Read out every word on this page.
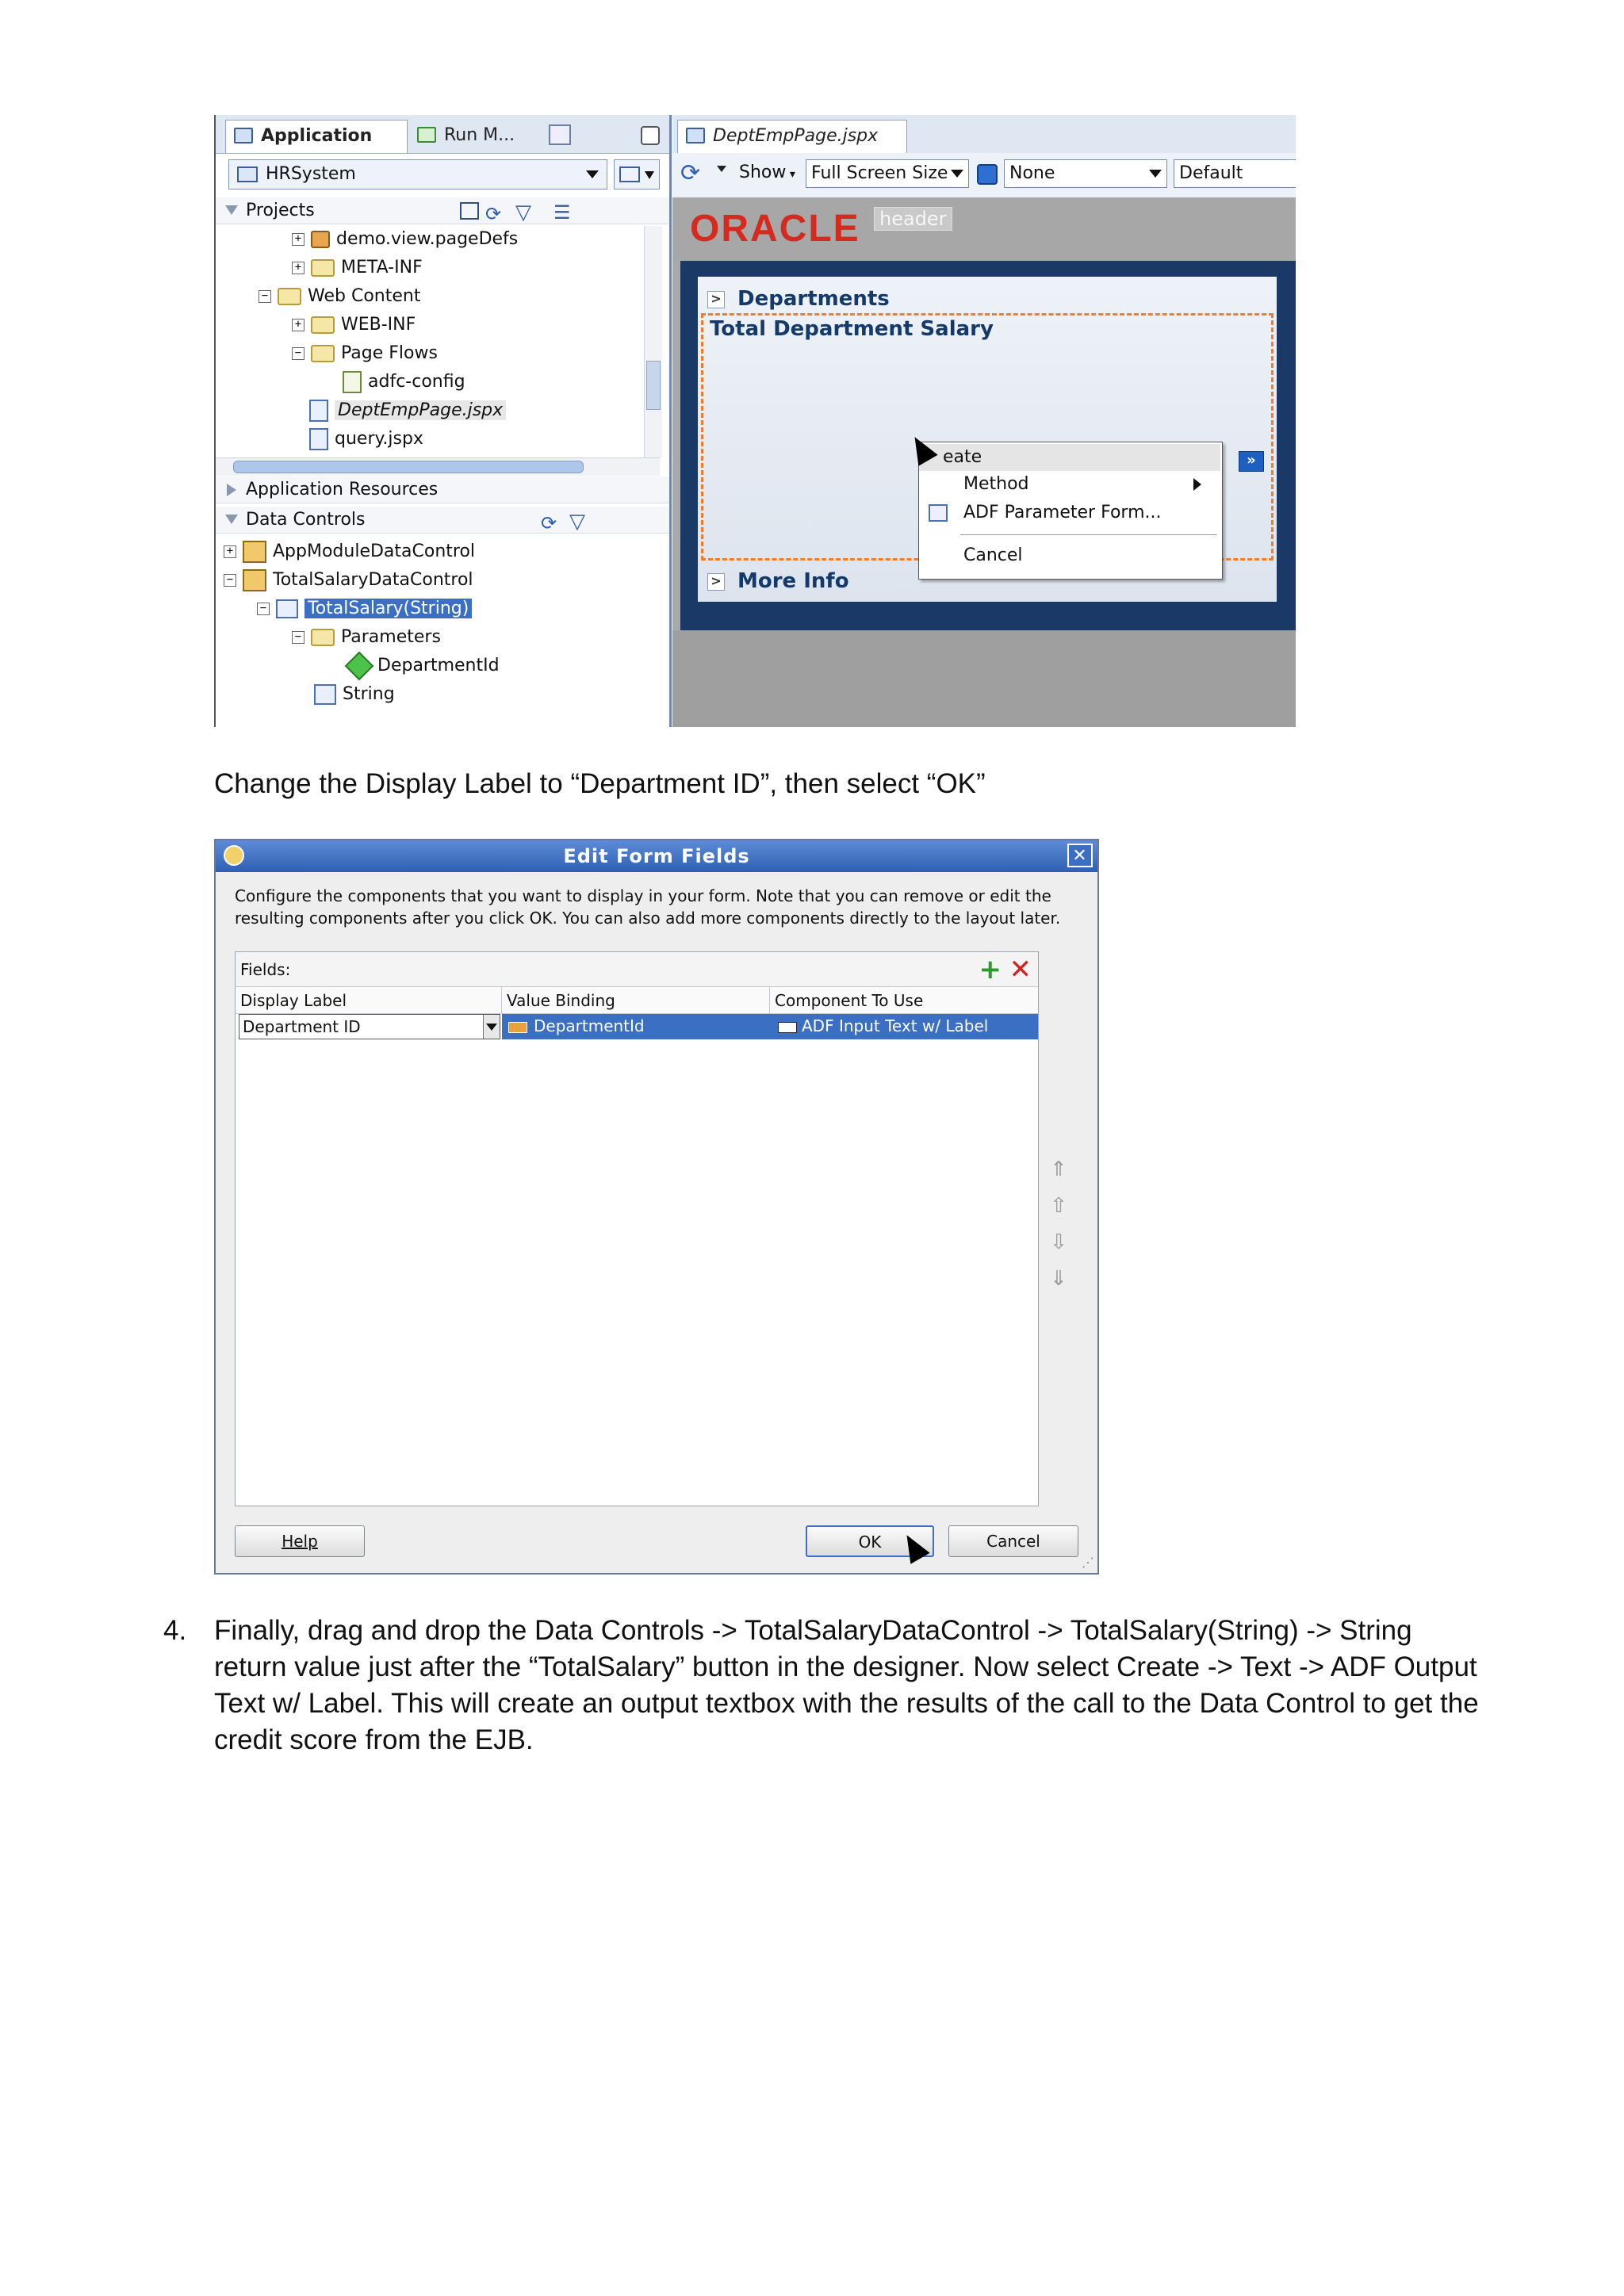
Application	Run M...
HRSystem
Projects	⟳ ▽ ☰
+ demo.view.pageDefs
+ META-INF
− Web Content
+ WEB-INF
− Page Flows
adfc-config
DeptEmpPage.jspx
query.jspx
Application Resources
Data Controls	⟳ ▽
+ AppModuleDataControl
− TotalSalaryDataControl
− TotalSalary(String)
− Parameters
DepartmentId
String
DeptEmpPage.jspx
⟳ Show ▾ Full Screen Size	None	Default
ORACLE header
> Departments
Total Department Salary
> More Info
»
eate
Method
ADF Parameter Form...
Cancel
Change the Display Label to “Department ID”, then select “OK”
Edit Form Fields	✕
Configure the components that you want to display in your form. Note that you can remove or edit the resulting components after you click OK. You can also add more components directly to the layout later.
Fields:	+ ✕
Display Label	Value Binding	Component To Use
Department ID	DepartmentId	ADF Input Text w/ Label
⇑
⇧
⇩
⇓
Help	OK	Cancel
⋰
4. Finally, drag and drop the Data Controls -> TotalSalaryDataControl -> TotalSalary(String) -> String return value just after the “TotalSalary” button in the designer. Now select Create -> Text -> ADF Output Text w/ Label. This will create an output textbox with the results of the call to the Data Control to get the credit score from the EJB.
